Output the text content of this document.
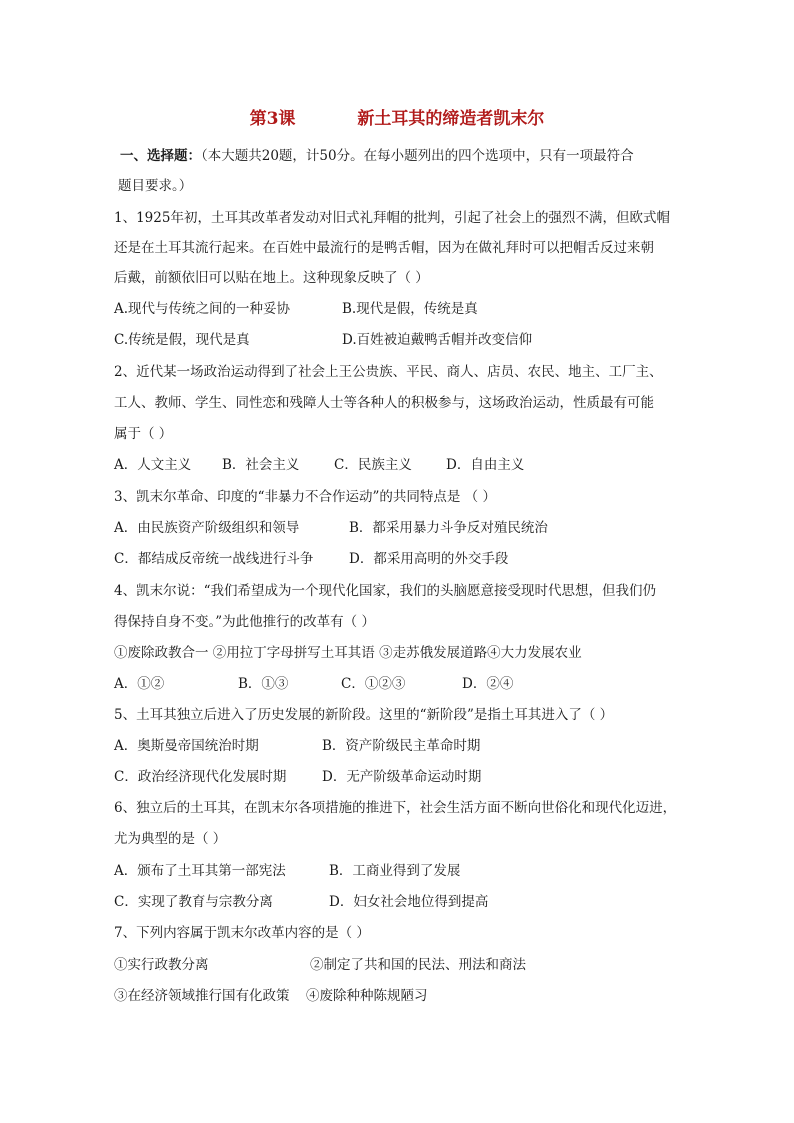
第3课	新土耳其的缔造者凯末尔
一、选择题：（本大题共20题，计50分。在每小题列出的四个选项中，只有一项最符合
题目要求。）
1、1925年初，土耳其改革者发动对旧式礼拜帽的批判，引起了社会上的强烈不满，但欧式帽
还是在土耳其流行起来。在百姓中最流行的是鸭舌帽，因为在做礼拜时可以把帽舌反过来朝
后戴，前额依旧可以贴在地上。这种现象反映了（ ）
A.现代与传统之间的一种妥协	B.现代是假，传统是真
C.传统是假，现代是真	D.百姓被迫戴鸭舌帽并改变信仰
2、近代某一场政治运动得到了社会上王公贵族、平民、商人、店员、农民、地主、工厂主、
工人、教师、学生、同性恋和残障人士等各种人的积极参与，这场政治运动，性质最有可能
属于（ ）
A．人文主义 B．社会主义	C．民族主义	D．自由主义
3、凯末尔革命、印度的“非暴力不合作运动”的共同特点是 （ ）
A．由民族资产阶级组织和领导	B．都采用暴力斗争反对殖民统治
C．都结成反帝统一战线进行斗争	D．都采用高明的外交手段
4、凯末尔说：“我们希望成为一个现代化国家，我们的头脑愿意接受现时代思想，但我们仍
得保持自身不变。”为此他推行的改革有（ ）
①废除政教合一 ②用拉丁字母拼写土耳其语 ③走苏俄发展道路④大力发展农业
A．①②	B．①③	C．①②③	D．②④
5、土耳其独立后进入了历史发展的新阶段。这里的“新阶段”是指土耳其进入了（ ）
A．奥斯曼帝国统治时期	B．资产阶级民主革命时期
C．政治经济现代化发展时期	D．无产阶级革命运动时期
6、独立后的土耳其，在凯末尔各项措施的推进下，社会生活方面不断向世俗化和现代化迈进，
尤为典型的是（ ）
A．颁布了土耳其第一部宪法	B．工商业得到了发展
C．实现了教育与宗教分离	D．妇女社会地位得到提高
7、下列内容属于凯末尔改革内容的是（ ）
①实行政教分离	②制定了共和国的民法、刑法和商法
③在经济领域推行国有化政策 ④废除种种陈规陋习
